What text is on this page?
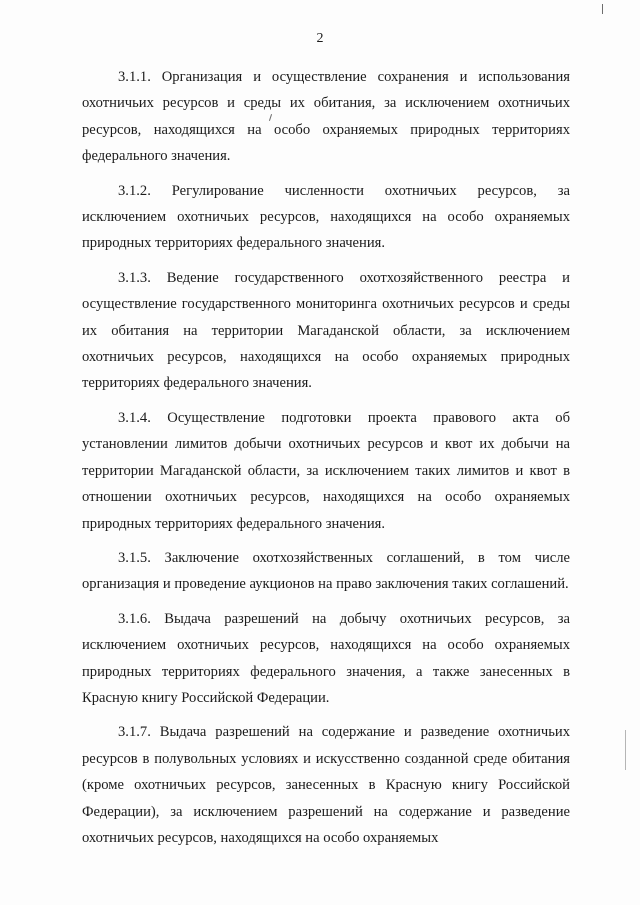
2

3.1.1. Организация и осуществление сохранения и использования охотничьих ресурсов и среды их обитания, за исключением охотничьих ресурсов, находящихся на особо охраняемых природных территориях федерального значения.

3.1.2. Регулирование численности охотничьих ресурсов, за исключением охотничьих ресурсов, находящихся на особо охраняемых природных территориях федерального значения.

3.1.3. Ведение государственного охотхозяйственного реестра и осуществление государственного мониторинга охотничьих ресурсов и среды их обитания на территории Магаданской области, за исключением охотничьих ресурсов, находящихся на особо охраняемых природных территориях федерального значения.

3.1.4. Осуществление подготовки проекта правового акта об установлении лимитов добычи охотничьих ресурсов и квот их добычи на территории Магаданской области, за исключением таких лимитов и квот в отношении охотничьих ресурсов, находящихся на особо охраняемых природных территориях федерального значения.

3.1.5. Заключение охотхозяйственных соглашений, в том числе организация и проведение аукционов на право заключения таких соглашений.

3.1.6. Выдача разрешений на добычу охотничьих ресурсов, за исключением охотничьих ресурсов, находящихся на особо охраняемых природных территориях федерального значения, а также занесенных в Красную книгу Российской Федерации.

3.1.7. Выдача разрешений на содержание и разведение охотничьих ресурсов в полувольных условиях и искусственно созданной среде обитания (кроме охотничьих ресурсов, занесенных в Красную книгу Российской Федерации), за исключением разрешений на содержание и разведение охотничьих ресурсов, находящихся на особо охраняемых
